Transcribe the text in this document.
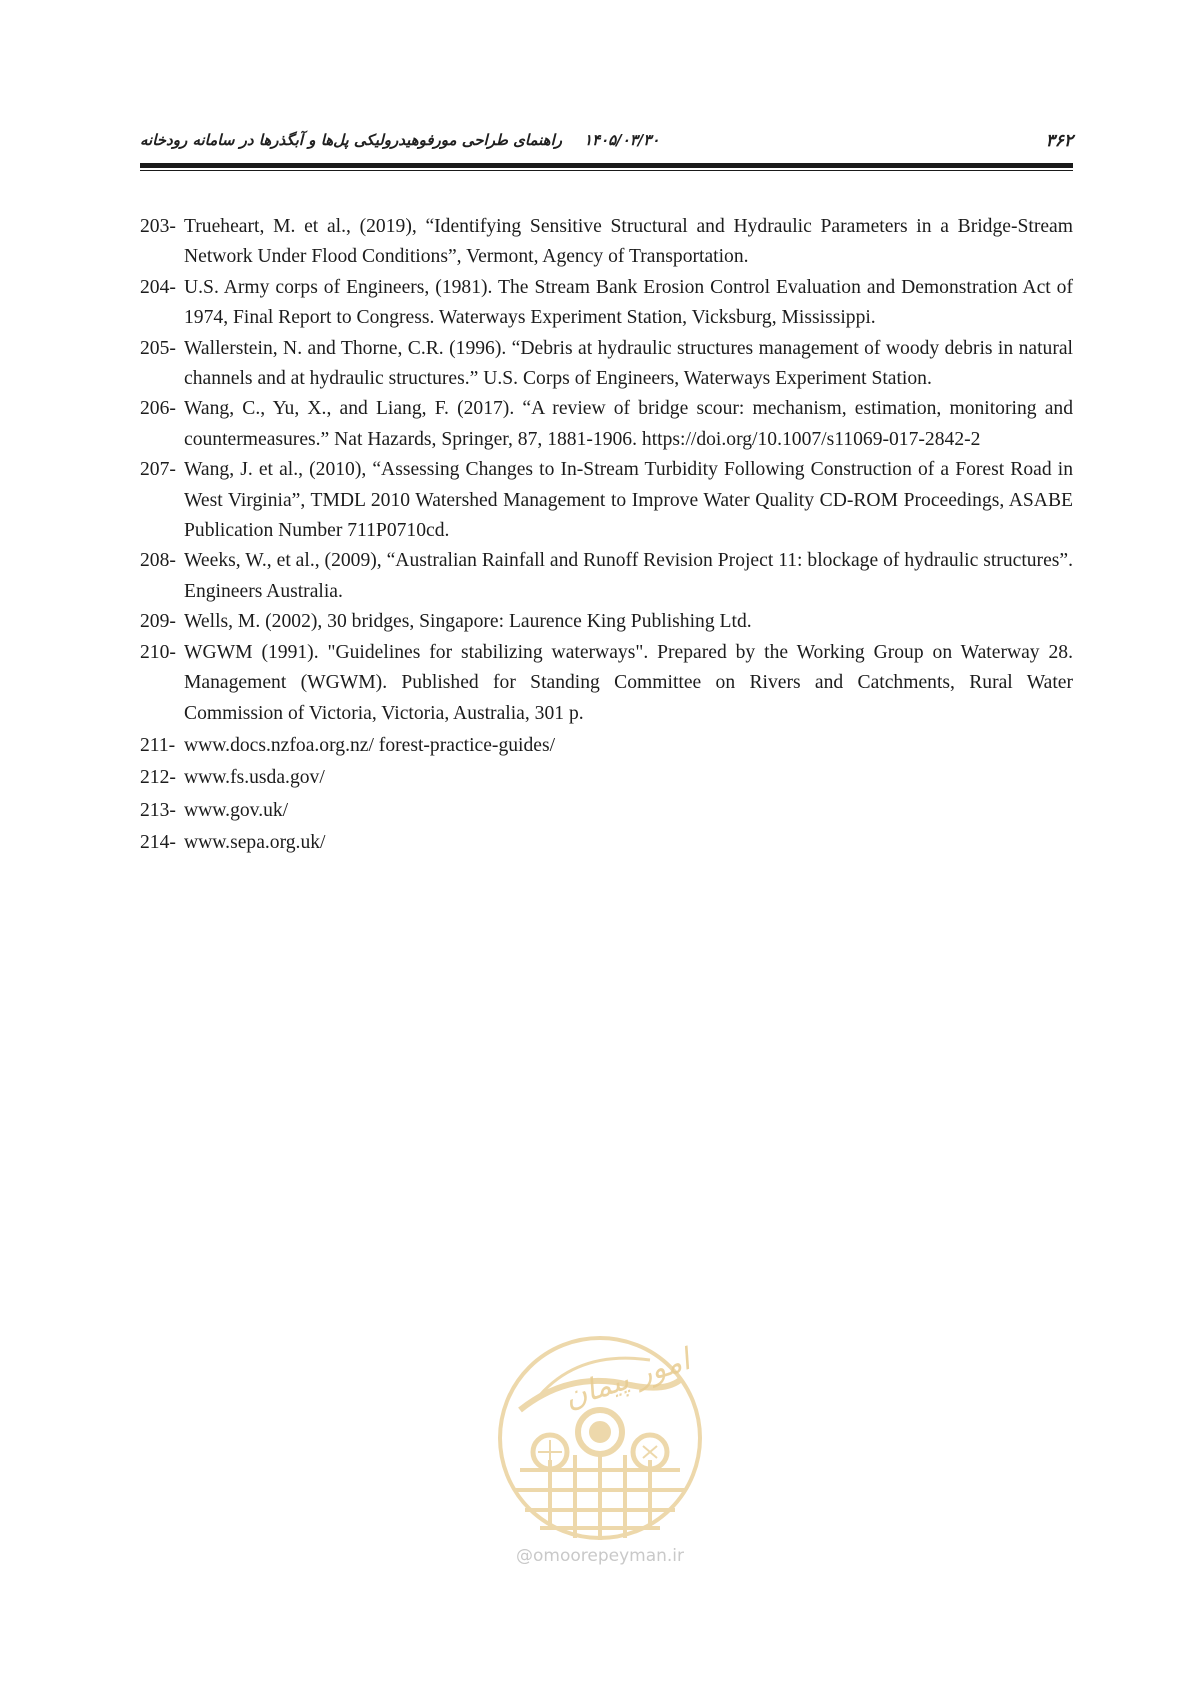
۱۴۰۵/۰۳/۳۰راهنمای طراحی مورفوهیدرولیکی پل‌ها و آبگذرها در سامانه رودخانه	۳۶۲
203- Trueheart, M. et al., (2019), “Identifying Sensitive Structural and Hydraulic Parameters in a Bridge-Stream Network Under Flood Conditions”, Vermont, Agency of Transportation.
204- U.S. Army corps of Engineers, (1981). The Stream Bank Erosion Control Evaluation and Demonstration Act of 1974, Final Report to Congress. Waterways Experiment Station, Vicksburg, Mississippi.
205- Wallerstein, N. and Thorne, C.R. (1996). “Debris at hydraulic structures management of woody debris in natural channels and at hydraulic structures.” U.S. Corps of Engineers, Waterways Experiment Station.
206- Wang, C., Yu, X., and Liang, F. (2017). “A review of bridge scour: mechanism, estimation, monitoring and countermeasures.” Nat Hazards, Springer, 87, 1881-1906. https://doi.org/10.1007/s11069-017-2842-2
207- Wang, J. et al., (2010), “Assessing Changes to In-Stream Turbidity Following Construction of a Forest Road in West Virginia”, TMDL 2010 Watershed Management to Improve Water Quality CD-ROM Proceedings, ASABE Publication Number 711P0710cd.
208- Weeks, W., et al., (2009), “Australian Rainfall and Runoff Revision Project 11: blockage of hydraulic structures”. Engineers Australia.
209- Wells, M. (2002), 30 bridges, Singapore: Laurence King Publishing Ltd.
210- WGWM (1991). "Guidelines for stabilizing waterways". Prepared by the Working Group on Waterway 28. Management (WGWM). Published for Standing Committee on Rivers and Catchments, Rural Water Commission of Victoria, Victoria, Australia, 301 p.
211- www.docs.nzfoa.org.nz/ forest-practice-guides/
212- www.fs.usda.gov/
213- www.gov.uk/
214- www.sepa.org.uk/
امور پیمان
@omoorepeyman.ir
